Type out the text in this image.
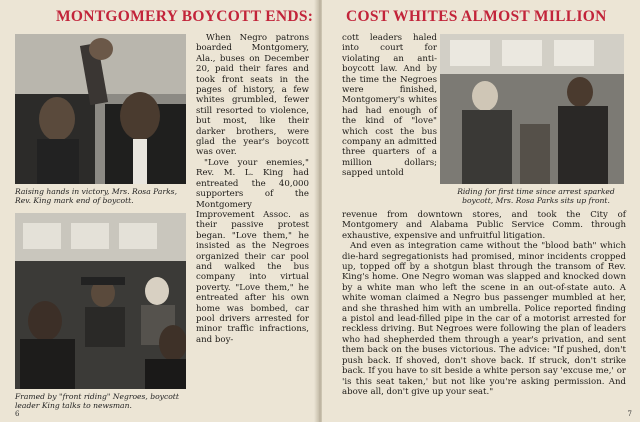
MONTGOMERY BOYCOTT ENDS:
Raising hands in victory, Mrs. Rosa Parks, Rev. King mark end of boycott.
Framed by "front riding" Negroes, boycott leader King talks to newsman.

When Negro patrons boarded Montgomery, Ala., buses on December 20, paid their fares and took front seats in the pages of history, a few whites grumbled, fewer still resorted to violence, but most, like their darker brothers, were glad the year's boycott was over.

"Love your enemies," Rev. M. L. King had entreated the 40,000 supporters of the Montgomery Improvement Assoc. as their passive protest began. "Love them," he insisted as the Negroes organized their car pool and walked the bus company into virtual poverty. "Love them," he entreated after his own home was bombed, car pool drivers arrested for minor traffic infractions, and boy-

6
COST WHITES ALMOST MILLION

cott leaders haled into court for violating an anti-boycott law. And by the time the Negroes were finished, Montgomery's whites had had enough of the kind of "love" which cost the bus company an admitted three quarters of a million dollars; sapped untold

Riding for first time since arrest sparked boycott, Mrs. Rosa Parks sits up front.

revenue from downtown stores, and took the City of Montgomery and Alabama Public Service Comm. through exhaustive, expensive and unfruitful litigation.

And even as integration came without the "blood bath" which die-hard segregationists had promised, minor incidents cropped up, topped off by a shotgun blast through the transom of Rev. King's home. One Negro woman was slapped and knocked down by a white man who left the scene in an out-of-state auto. A white woman claimed a Negro bus passenger mumbled at her, and she thrashed him with an umbrella. Police reported finding a pistol and lead-filled pipe in the car of a motorist arrested for reckless driving. But Negroes were following the plan of leaders who had shepherded them through a year's privation, and sent them back on the buses victorious. The advice: "If pushed, don't push back. If shoved, don't shove back. If struck, don't strike back. If you have to sit beside a white person say 'excuse me,' or 'is this seat taken,' but not like you're asking permission. And above all, don't give up your seat."

7
